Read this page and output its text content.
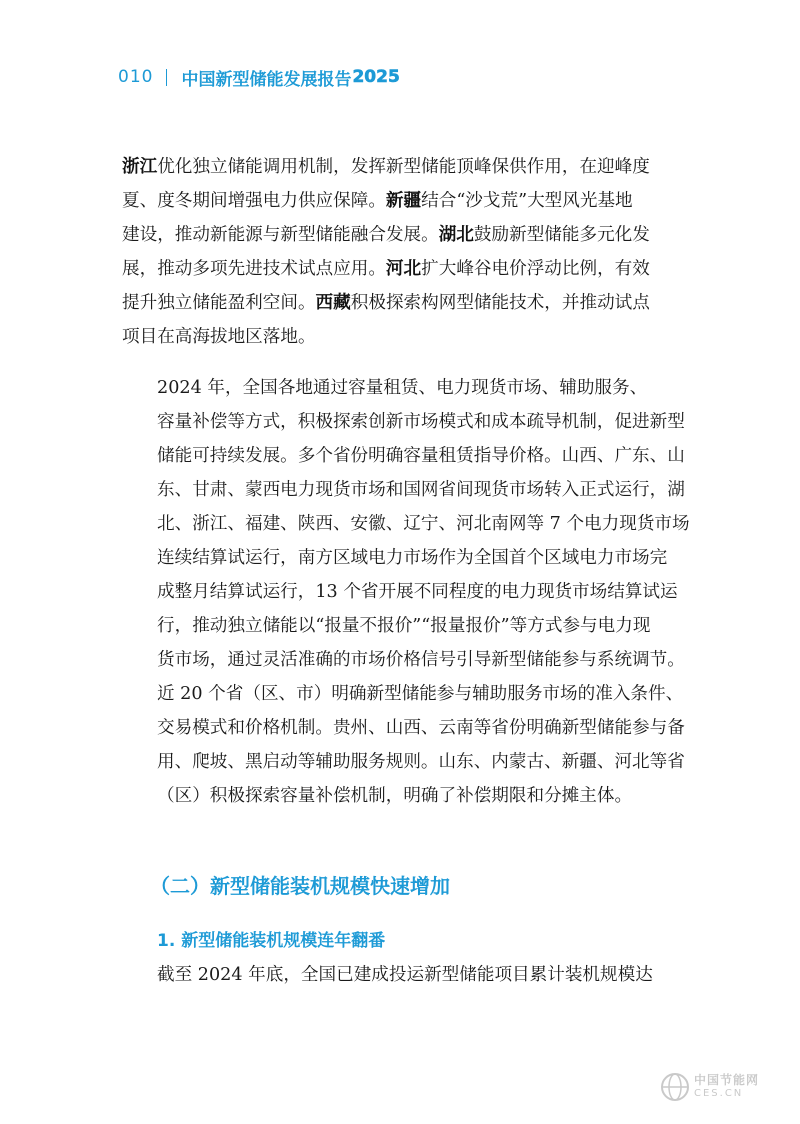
010 中国新型储能发展报告 2025
浙江优化独立储能调用机制，发挥新型储能顶峰保供作用，在迎峰度
夏、度冬期间增强电力供应保障。新疆结合“沙戈荒”大型风光基地
建设，推动新能源与新型储能融合发展。湖北鼓励新型储能多元化发
展，推动多项先进技术试点应用。河北扩大峰谷电价浮动比例，有效
提升独立储能盈利空间。西藏积极探索构网型储能技术，并推动试点
项目在高海拔地区落地。
2024 年，全国各地通过容量租赁、电力现货市场、辅助服务、
容量补偿等方式，积极探索创新市场模式和成本疏导机制，促进新型
储能可持续发展。多个省份明确容量租赁指导价格。山西、广东、山
东、甘肃、蒙西电力现货市场和国网省间现货市场转入正式运行，湖
北、浙江、福建、陕西、安徽、辽宁、河北南网等 7 个电力现货市场
连续结算试运行，南方区域电力市场作为全国首个区域电力市场完
成整月结算试运行，13 个省开展不同程度的电力现货市场结算试运
行，推动独立储能以“报量不报价”“报量报价”等方式参与电力现
货市场，通过灵活准确的市场价格信号引导新型储能参与系统调节。
近 20 个省（区、市）明确新型储能参与辅助服务市场的准入条件、
交易模式和价格机制。贵州、山西、云南等省份明确新型储能参与备
用、爬坡、黑启动等辅助服务规则。山东、内蒙古、新疆、河北等省
（区）积极探索容量补偿机制，明确了补偿期限和分摊主体。
（二）新型储能装机规模快速增加
1. 新型储能装机规模连年翻番
截至 2024 年底，全国已建成投运新型储能项目累计装机规模达
中国节能网
CES.CN
